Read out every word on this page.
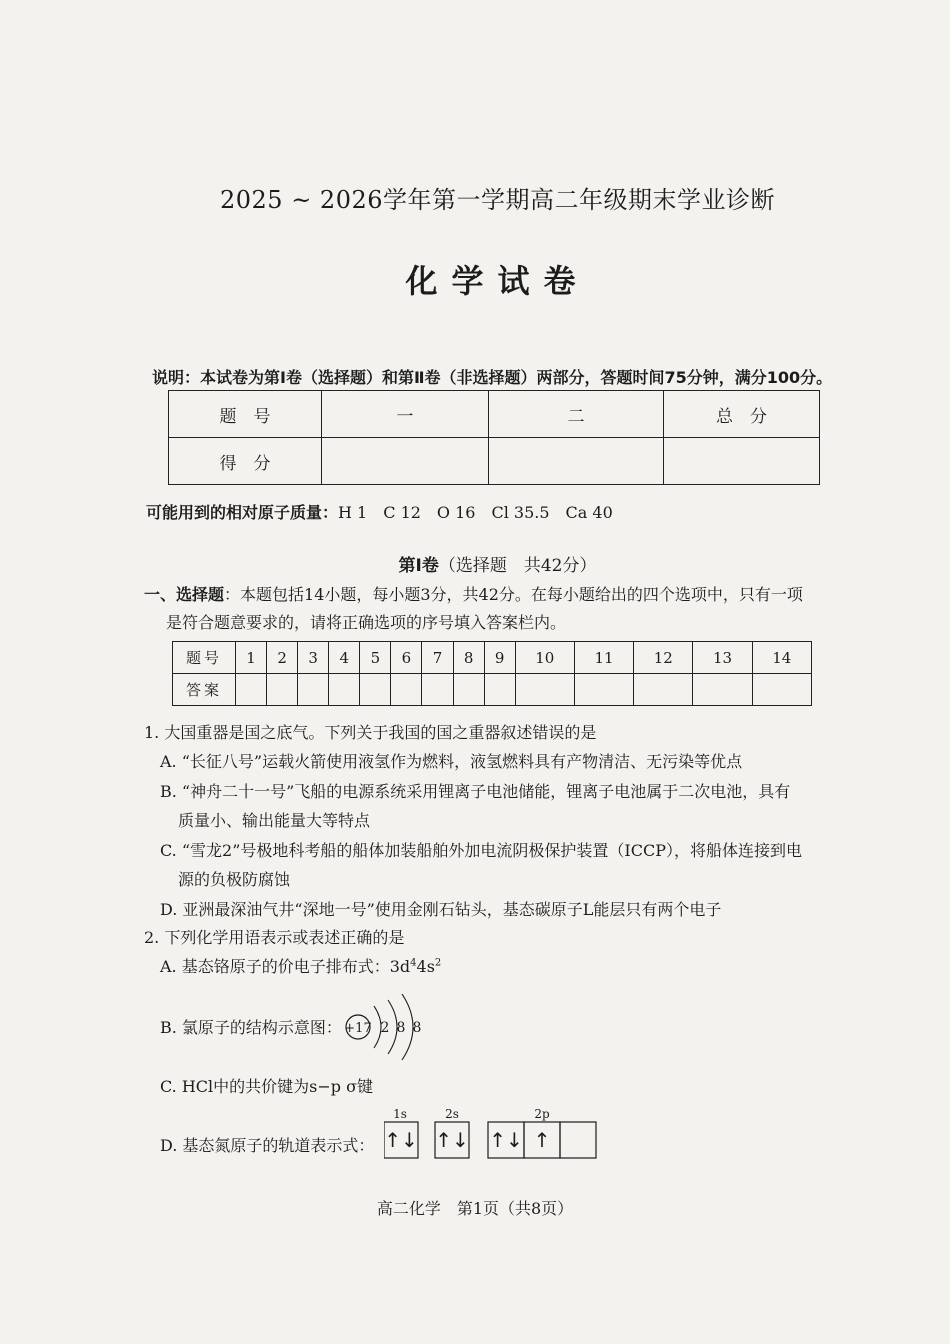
2025 ~ 2026学年第一学期高二年级期末学业诊断
化学试卷
说明：本试卷为第Ⅰ卷（选择题）和第Ⅱ卷（非选择题）两部分，答题时间75分钟，满分100分。
题　号	一	二	总　分
得　分			
可能用到的相对原子质量：H 1　C 12　O 16　Cl 35.5　Ca 40
第Ⅰ卷（选择题　共42分）
一、选择题：本题包括14小题，每小题3分，共42分。在每小题给出的四个选项中，只有一项
是符合题意要求的，请将正确选项的序号填入答案栏内。
题号	1	2	3	4	5	6	7	8	9	10	11	12	13	14
答案														
1. 大国重器是国之底气。下列关于我国的国之重器叙述错误的是
A. “长征八号”运载火箭使用液氢作为燃料，液氢燃料具有产物清洁、无污染等优点
B. “神舟二十一号”飞船的电源系统采用锂离子电池储能，锂离子电池属于二次电池，具有
质量小、输出能量大等特点
C. “雪龙2”号极地科考船的船体加装船舶外加电流阴极保护装置（ICCP），将船体连接到电
源的负极防腐蚀
D. 亚洲最深油气井“深地一号”使用金刚石钻头，基态碳原子L能层只有两个电子
2. 下列化学用语表示或表述正确的是
A. 基态铬原子的价电子排布式：$3d^44s^2$
B. 氯原子的结构示意图： +17 2 8 8
C. HCl中的共价键为s−p σ键
D. 基态氮原子的轨道表示式：
1s	2s	2p
↑↓ ↑↓ ↑↓ ↑
高二化学　第1页（共8页）
